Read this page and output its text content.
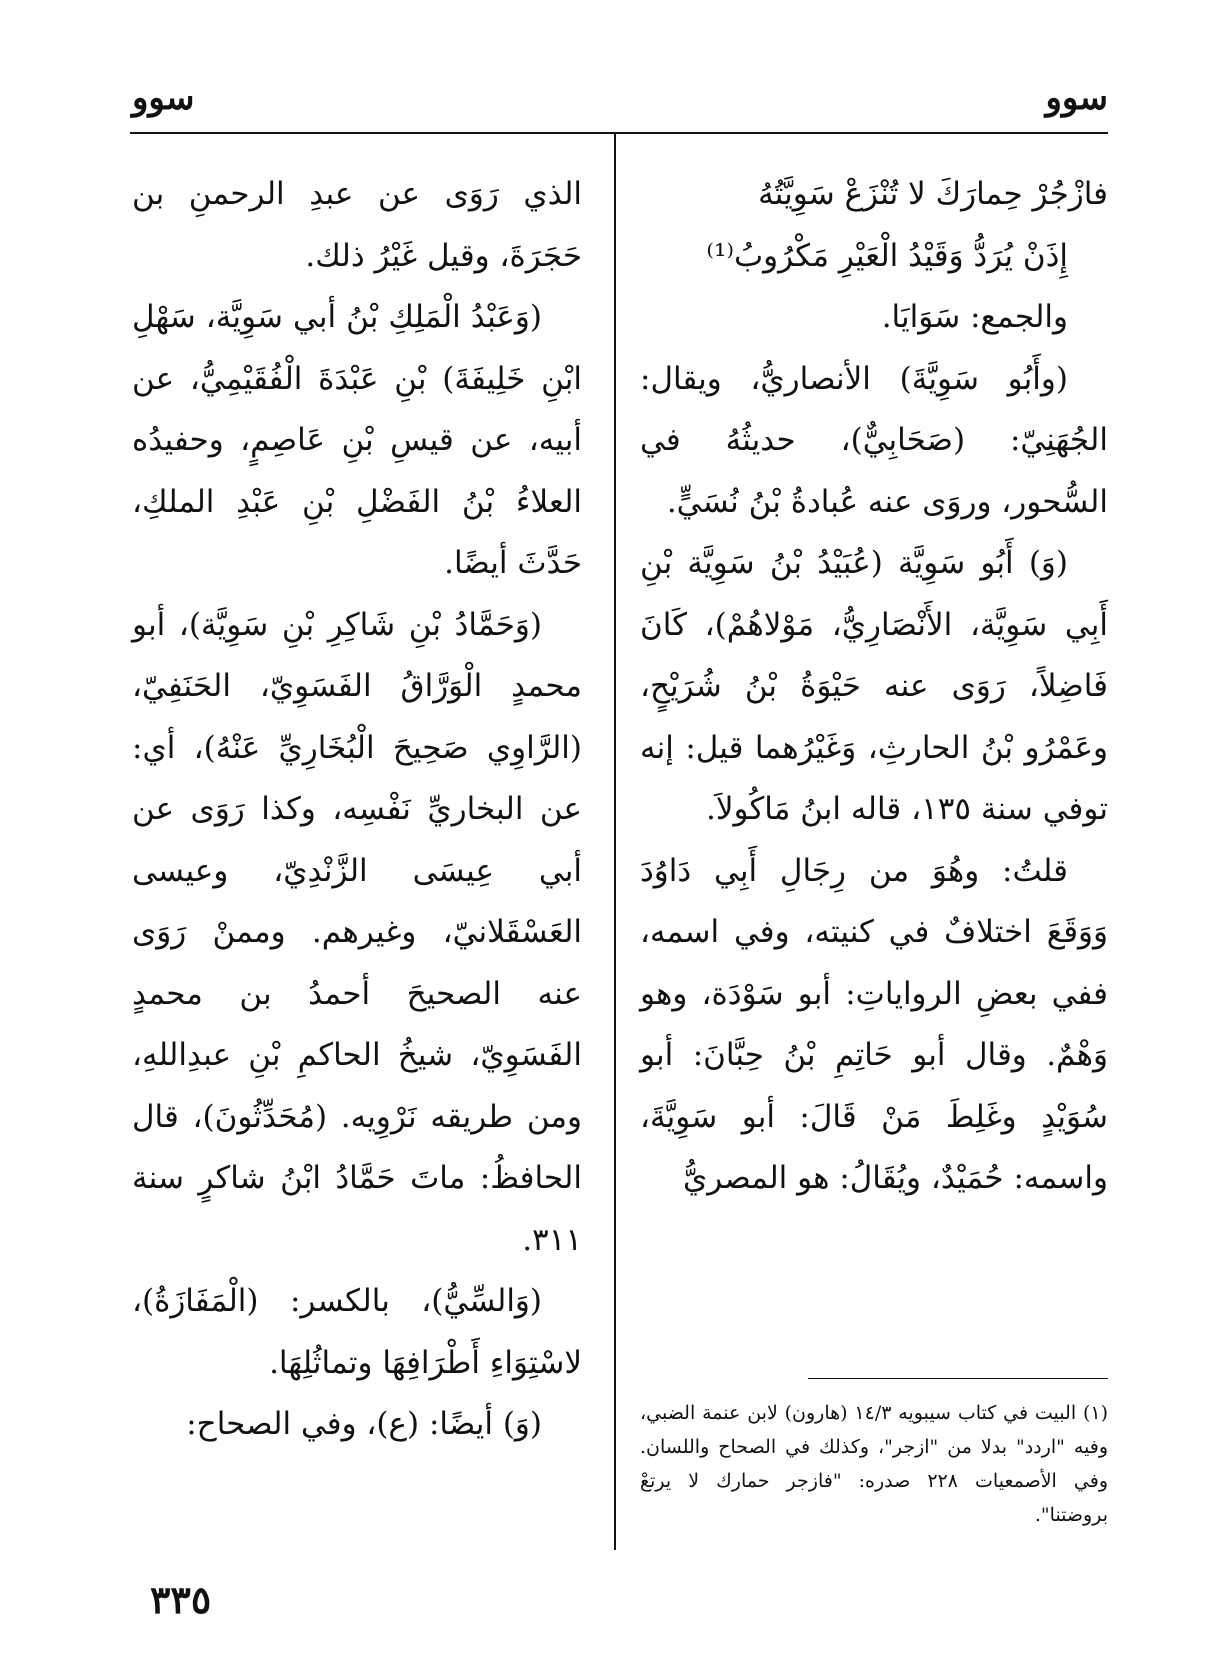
سوو
سوو

فازْجُرْ حِمارَكَ لا تُنْزَعْ سَوِيَّتُهُ

إِذَنْ يُرَدُّ وَقَيْدُ الْعَيْرِ مَكْرُوبُ⁽¹⁾

والجمع: سَوَايَا.

(وأَبُو سَوِيَّةَ) الأنصاريُّ، ويقال: الجُهَنِيّ: (صَحَابِيٌّ)، حديثُهُ في السُّحور، وروَى عنه عُبادةُ بْنُ نُسَيٍّ.

(وَ) أَبُو سَوِيَّة (عُبَيْدُ بْنُ سَوِيَّة بْنِ أَبِي سَوِيَّة، الأَنْصَارِيُّ، مَوْلاهُمْ)، كَانَ فَاضِلاً، رَوَى عنه حَيْوَةُ بْنُ شُرَيْحٍ، وعَمْرُو بْنُ الحارثِ، وَغَيْرُهما قيل: إنه توفي سنة ١٣٥، قاله ابنُ مَاكُولاَ.

قلتُ: وهُوَ من رِجَالِ أَبِي دَاوُدَ وَوَقَعَ اختلافٌ في كنيته، وفي اسمه، ففي بعضِ الرواياتِ: أبو سَوْدَة، وهو وَهْمٌ. وقال أبو حَاتِمِ بْنُ حِبَّانَ: أبو سُوَيْدٍ وغَلِطَ مَنْ قَالَ: أبو سَوِيَّةَ، واسمه: حُمَيْدٌ، ويُقَالُ: هو المصريُّ

الذي رَوَى عن عبدِ الرحمنِ بن حَجَرَةَ، وقيل غَيْرُ ذلك.

(وَعَبْدُ الْمَلِكِ بْنُ أبي سَوِيَّة، سَهْلِ ابْنِ خَلِيفَةَ) بْنِ عَبْدَةَ الْفُقَيْمِيُّ، عن أبيه، عن قيسِ بْنِ عَاصِمٍ، وحفيدُه العلاءُ بْنُ الفَضْلِ بْنِ عَبْدِ الملكِ، حَدَّثَ أيضًا.

(وَحَمَّادُ بْنِ شَاكِرِ بْنِ سَوِيَّة)، أبو محمدٍ الْوَرَّاقُ الفَسَوِيّ، الحَنَفِيّ، (الرَّاوِي صَحِيحَ الْبُخَارِيِّ عَنْهُ)، أي: عن البخاريِّ نَفْسِه، وكذا رَوَى عن أبي عِيسَى الزَّنْدِيّ، وعيسى العَسْقَلانيّ، وغيرهم. وممنْ رَوَى عنه الصحيحَ أحمدُ بن محمدٍ الفَسَوِيّ، شيخُ الحاكمِ بْنِ عبدِاللهِ، ومن طريقه نَرْوِيه. (مُحَدِّثُونَ)، قال الحافظُ: ماتَ حَمَّادُ ابْنُ شاكرٍ سنة ٣١١.

(وَالسِّيُّ)، بالكسر: (الْمَفَازَةُ)، لاسْتِوَاءِ أَطْرَافِهَا وتماثُلِهَا.

(وَ) أيضًا: (ع)، وفي الصحاح:	(١) البيت في كتاب سيبويه ١٤/٣ (هارون) لابن عنمة الضبي، وفيه "اردد" بدلا من "ازجر"، وكذلك في الصحاح واللسان. وفي الأصمعيات ٢٢٨ صدره: "فازجر حمارك لا يرتعْ بروضتنا".
٣٣٥
